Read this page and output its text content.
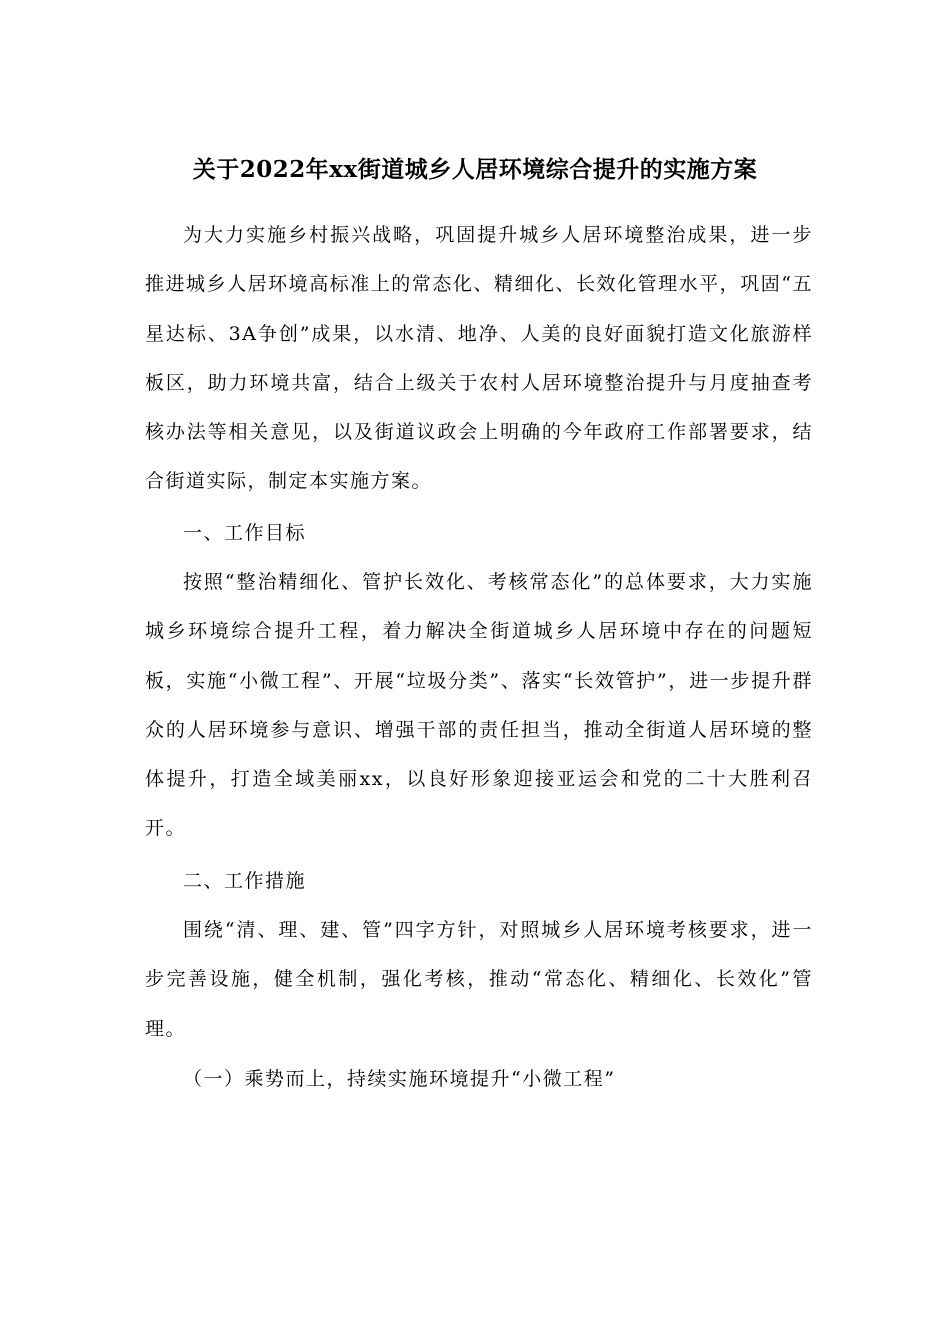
关于2022年xx街道城乡人居环境综合提升的实施方案
为大力实施乡村振兴战略，巩固提升城乡人居环境整治成果，进一步推进城乡人居环境高标准上的常态化、精细化、长效化管理水平，巩固“五星达标、3A争创”成果，以水清、地净、人美的良好面貌打造文化旅游样板区，助力环境共富，结合上级关于农村人居环境整治提升与月度抽查考核办法等相关意见，以及街道议政会上明确的今年政府工作部署要求，结合街道实际，制定本实施方案。
一、工作目标
按照“整治精细化、管护长效化、考核常态化”的总体要求，大力实施城乡环境综合提升工程，着力解决全街道城乡人居环境中存在的问题短板，实施“小微工程”、开展“垃圾分类”、落实“长效管护”，进一步提升群众的人居环境参与意识、增强干部的责任担当，推动全街道人居环境的整体提升，打造全域美丽xx，以良好形象迎接亚运会和党的二十大胜利召开。
二、工作措施
围绕“清、理、建、管”四字方针，对照城乡人居环境考核要求，进一步完善设施，健全机制，强化考核，推动“常态化、精细化、长效化”管理。
（一）乘势而上，持续实施环境提升“小微工程”
